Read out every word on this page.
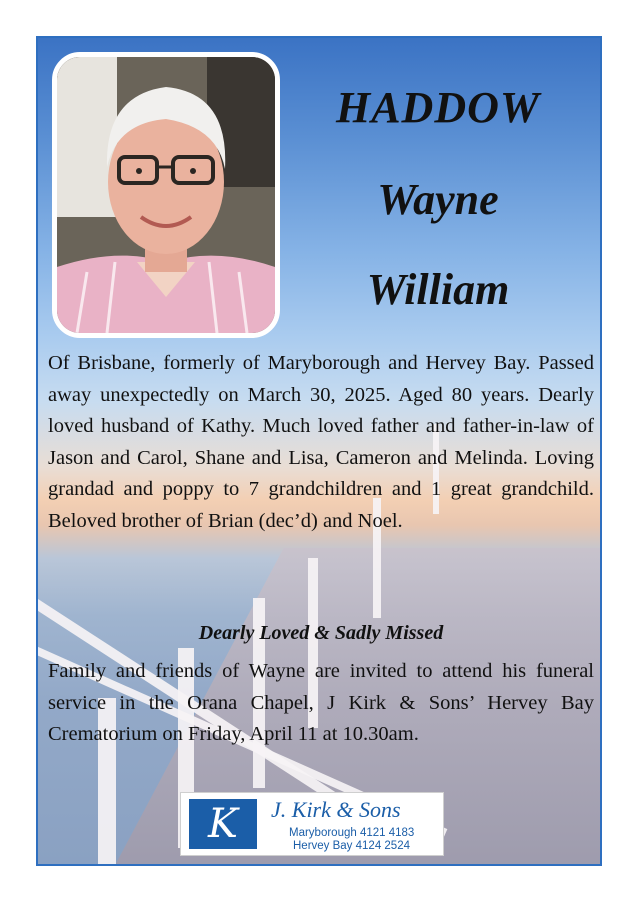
HADDOW
Wayne
William
Of Brisbane, formerly of Maryborough and Hervey Bay. Passed away unexpectedly on March 30, 2025. Aged 80 years. Dearly loved husband of Kathy. Much loved father and father-in-law of Jason and Carol, Shane and Lisa, Cameron and Melinda. Loving grandad and poppy to 7 grandchildren and 1 great grandchild. Beloved brother of Brian (dec’d) and Noel.
Dearly Loved & Sadly Missed
Family and friends of Wayne are invited to attend his funeral service in the Orana Chapel, J Kirk & Sons’ Hervey Bay Crematorium on Friday, April 11 at 10.30am.
K	J. Kirk & Sons
Maryborough 4121 4183
Hervey Bay 4124 2524
